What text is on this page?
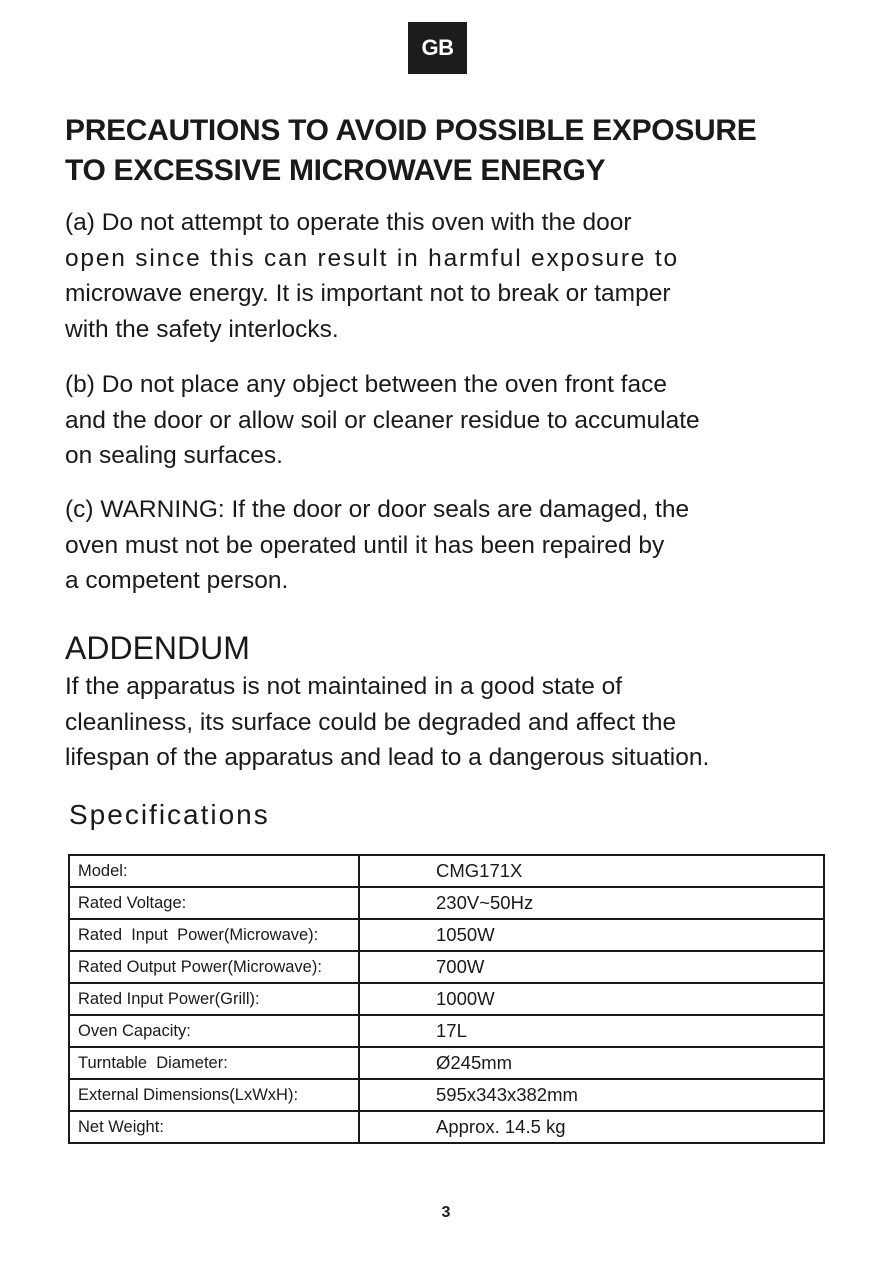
GB
PRECAUTIONS TO AVOID POSSIBLE EXPOSURE
TO EXCESSIVE MICROWAVE ENERGY

(a) Do not attempt to operate this oven with the door
open since this can result in harmful exposure to
microwave energy. It is important not to break or tamper
with the safety interlocks.

(b) Do not place any object between the oven front face
and the door or allow soil or cleaner residue to accumulate
on sealing surfaces.

(c) WARNING: If the door or door seals are damaged, the
oven must not be operated until it has been repaired by
a competent person.

ADDENDUM

If the apparatus is not maintained in a good state of
cleanliness, its surface could be degraded and affect the
lifespan of the apparatus and lead to a dangerous situation.

Specifications
Model:	CMG171X
Rated Voltage:	230V~50Hz
Rated  Input  Power(Microwave):	1050W
Rated Output Power(Microwave):	700W
Rated Input Power(Grill):	1000W
Oven Capacity:	17L
Turntable  Diameter:	Ø245mm
External Dimensions(LxWxH):	595x343x382mm
Net Weight:	Approx. 14.5 kg
3
